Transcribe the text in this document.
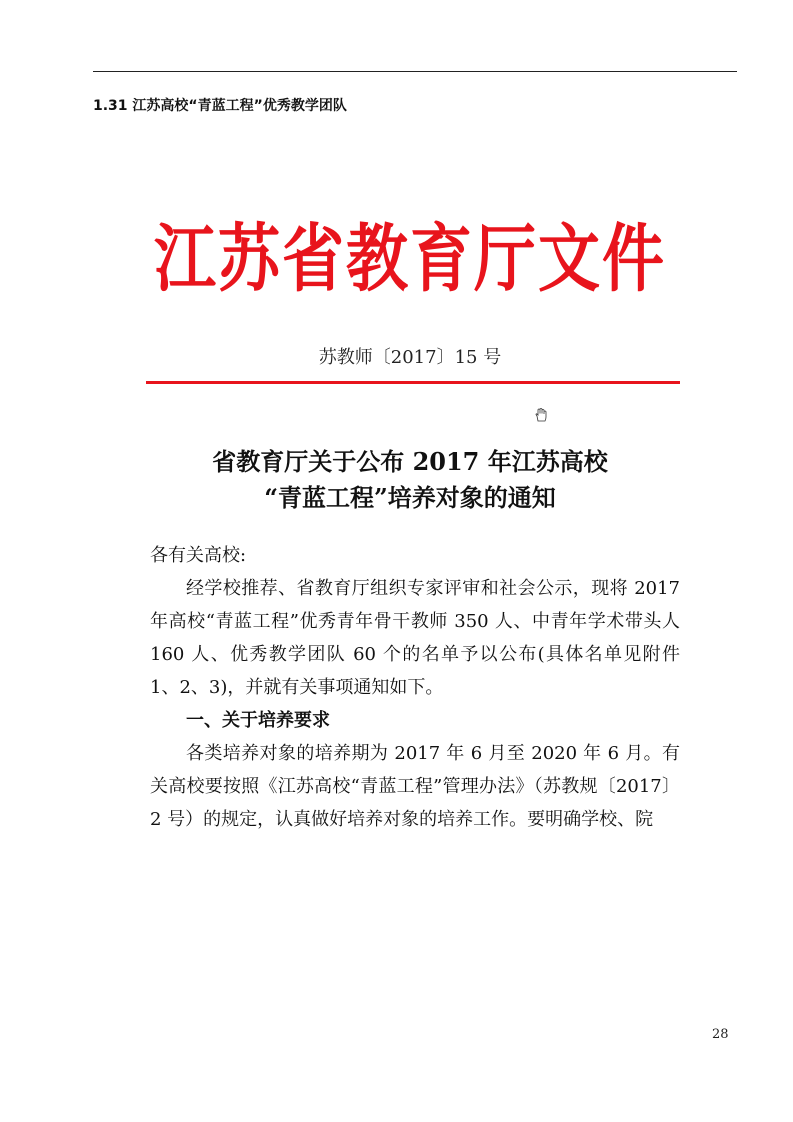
1.31 江苏高校“青蓝工程”优秀教学团队
江苏省教育厅文件
苏教师〔2017〕15 号
省教育厅关于公布 2017 年江苏高校
“青蓝工程”培养对象的通知

各有关高校:

经学校推荐、省教育厅组织专家评审和社会公示，现将 2017 年高校“青蓝工程”优秀青年骨干教师 350 人、中青年学术带头人 160 人、优秀教学团队 60 个的名单予以公布(具体名单见附件 1、2、3)，并就有关事项通知如下。

一、关于培养要求

各类培养对象的培养期为 2017 年 6 月至 2020 年 6 月。有关高校要按照《江苏高校“青蓝工程”管理办法》（苏教规〔2017〕2 号）的规定，认真做好培养对象的培养工作。要明确学校、院

28
